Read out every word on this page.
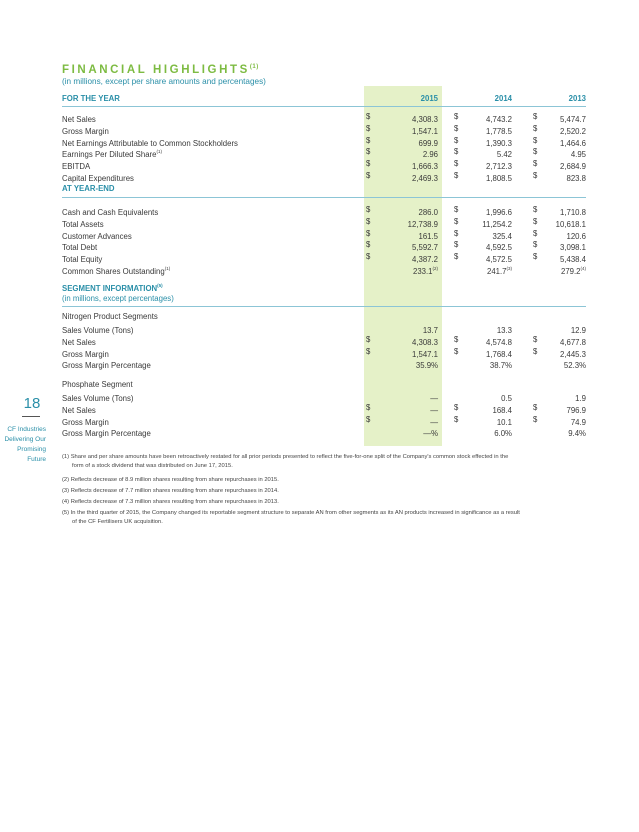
FINANCIAL HIGHLIGHTS$^{(1)}$
(in millions, except per share amounts and percentages)
FOR THE YEAR	2015	2014	2013
Net Sales	$	4,308.3 $	4,743.2	$	5,474.7
Gross Margin	$	1,547.1 $	1,778.5	$	2,520.2
Net Earnings Attributable to Common Stockholders	$	699.9 $	1,390.3	$	1,464.6
Earnings Per Diluted Share$^{(1)}$	$	2.96 $	5.42	$	4.95
EBITDA	$	1,666.3 $	2,712.3	$	2,684.9
Capital Expenditures	$	2,469.3 $	1,808.5	$	823.8
AT YEAR-END
Cash and Cash Equivalents	$	286.0 $	1,996.6	$	1,710.8
Total Assets	$	12,738.9 $	11,254.2	$ 10,618.1
Customer Advances	$	161.5 $	325.4	$	120.6
Total Debt	$	5,592.7 $	4,592.5	$	3,098.1
Total Equity	$	4,387.2 $	4,572.5	$	5,438.4
Common Shares Outstanding$^{(1)}$	233.1$^{(2)}$	241.7$^{(3)}$	279.2$^{(4)}$
SEGMENT INFORMATION$^{(5)}$
(in millions, except percentages)
Nitrogen Product Segments
Sales Volume (Tons)	13.7	13.3	12.9
Net Sales	$	4,308.3 $	4,574.8	$	4,677.8
Gross Margin	$	1,547.1 $	1,768.4	$	2,445.3
Gross Margin Percentage	35.9%	38.7%	52.3%
Phosphate Segment
Sales Volume (Tons)	—	0.5	1.9
Net Sales	$	— $	168.4	$	796.9
Gross Margin	$	— $	10.1	$	74.9
Gross Margin Percentage	—%	6.0%	9.4%
18
CF Industries
Delivering Our
Promising
Future	(1) Share and per share amounts have been retroactively restated for all prior periods presented to reflect the five-for-one split of the Company's common stock effected in the
form of a stock dividend that was distributed on June 17, 2015.
(2) Reflects decrease of 8.9 million shares resulting from share repurchases in 2015.
(3) Reflects decrease of 7.7 million shares resulting from share repurchases in 2014.
(4) Reflects decrease of 7.3 million shares resulting from share repurchases in 2013.
(5) In the third quarter of 2015, the Company changed its reportable segment structure to separate AN from other segments as its AN products increased in significance as a result
of the CF Fertilisers UK acquisition.
